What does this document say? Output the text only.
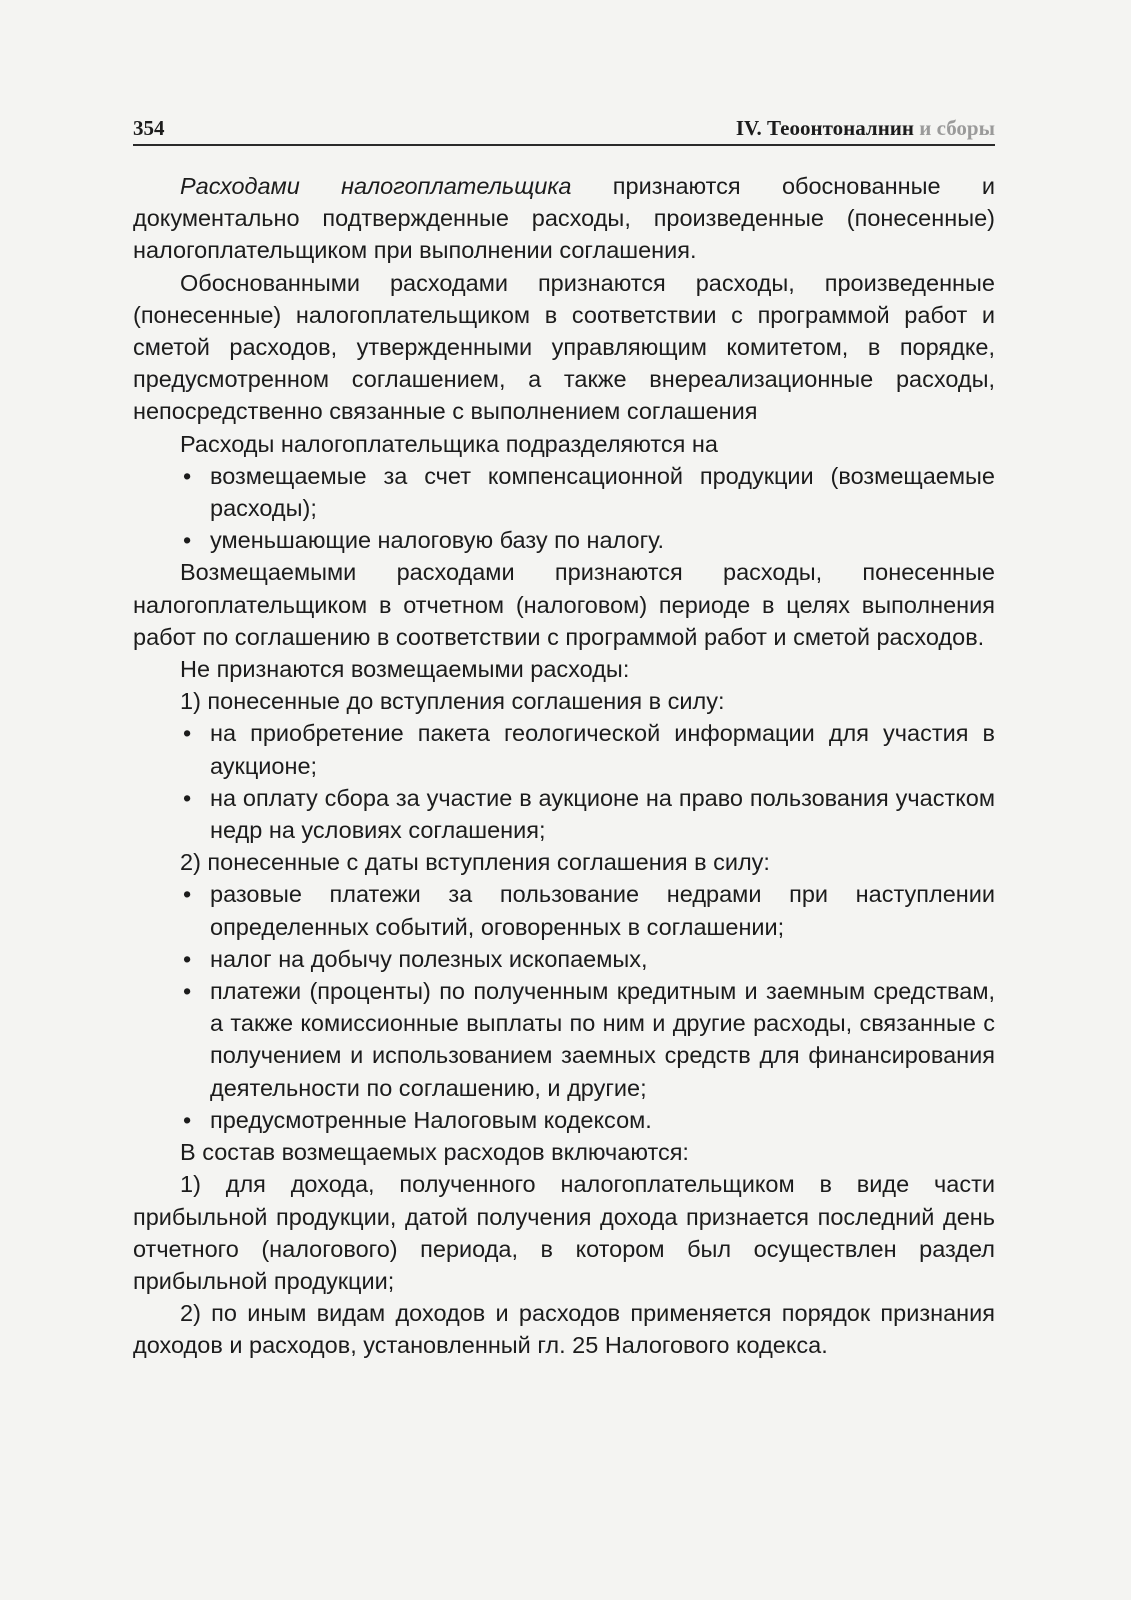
354	IV. Теоонтоналнин и сборы

Расходами налогоплательщика признаются обоснованные и документально подтвержденные расходы, произведенные (понесенные) налогоплательщиком при выполнении соглашения.

Обоснованными расходами признаются расходы, произведенные (понесенные) налогоплательщиком в соответствии с программой работ и сметой расходов, утвержденными управляющим комитетом, в порядке, предусмотренном соглашением, а также внереализационные расходы, непосредственно связанные с выполнением соглашения

Расходы налогоплательщика подразделяются на

• возмещаемые за счет компенсационной продукции (возмещаемые расходы);

• уменьшающие налоговую базу по налогу.

Возмещаемыми расходами признаются расходы, понесенные налогоплательщиком в отчетном (налоговом) периоде в целях выполнения работ по соглашению в соответствии с программой работ и сметой расходов.

Не признаются возмещаемыми расходы:

1) понесенные до вступления соглашения в силу:

• на приобретение пакета геологической информации для участия в аукционе;

• на оплату сбора за участие в аукционе на право пользования участком недр на условиях соглашения;

2) понесенные с даты вступления соглашения в силу:

• разовые платежи за пользование недрами при наступлении определенных событий, оговоренных в соглашении;

• налог на добычу полезных ископаемых,

• платежи (проценты) по полученным кредитным и заемным средствам, а также комиссионные выплаты по ним и другие расходы, связанные с получением и использованием заемных средств для финансирования деятельности по соглашению, и другие;

• предусмотренные Налоговым кодексом.

В состав возмещаемых расходов включаются:

1) для дохода, полученного налогоплательщиком в виде части прибыльной продукции, датой получения дохода признается последний день отчетного (налогового) периода, в котором был осуществлен раздел прибыльной продукции;

2) по иным видам доходов и расходов применяется порядок признания доходов и расходов, установленный гл. 25 Налогового кодекса.
